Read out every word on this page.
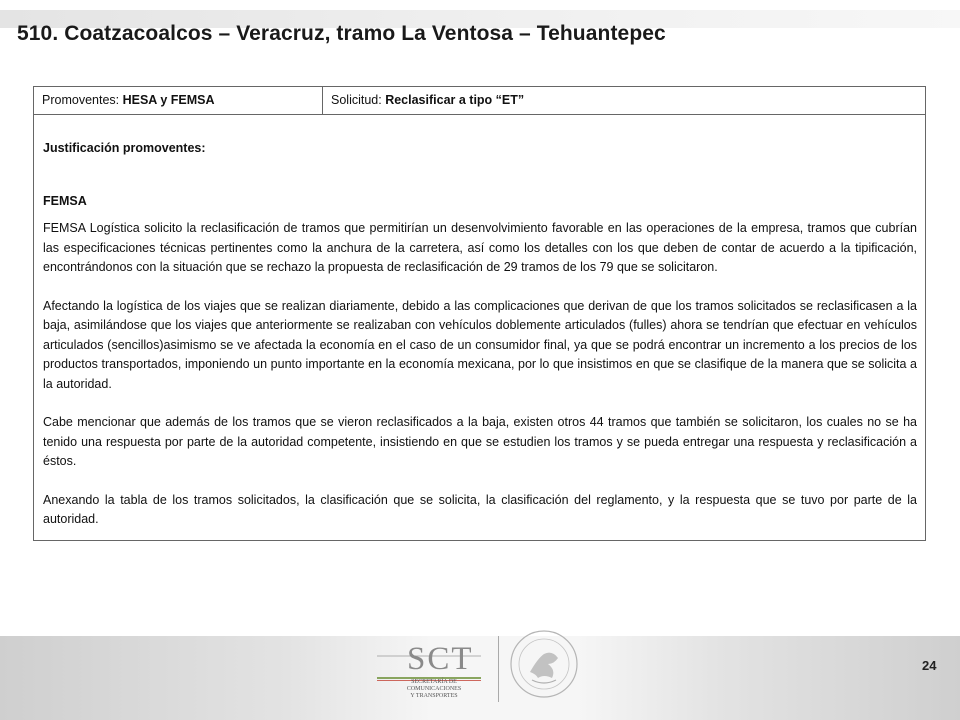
510. Coatzacoalcos – Veracruz, tramo La Ventosa – Tehuantepec
Promoventes: HESA y FEMSA	Solicitud: Reclasificar a tipo “ET”
Justificación promoventes:
FEMSA

FEMSA Logística solicito la reclasificación de tramos que permitirían un desenvolvimiento favorable en las operaciones de la empresa, tramos que cubrían las especificaciones técnicas pertinentes como la anchura de la carretera, así como los detalles con los que deben de contar de acuerdo a la tipificación, encontrándonos con la situación que se rechazo la propuesta de reclasificación de 29 tramos de los 79 que se solicitaron.

Afectando la logística de los viajes que se realizan diariamente, debido a las complicaciones que derivan de que los tramos solicitados se reclasificasen a la baja, asimilándose que los viajes que anteriormente se realizaban con vehículos doblemente articulados (fulles) ahora se tendrían que efectuar en vehículos articulados (sencillos)asimismo se ve afectada la economía en el caso de un consumidor final, ya que se podrá encontrar un incremento a los precios de los productos transportados, imponiendo un punto importante en la economía mexicana, por lo que insistimos en que se clasifique de la manera que se solicita a la autoridad.

Cabe mencionar que además de los tramos que se vieron reclasificados a la baja, existen otros 44 tramos que también se solicitaron, los cuales no se ha tenido una respuesta por parte de la autoridad competente, insistiendo en que se estudien los tramos y se pueda entregar una respuesta y reclasificación a éstos.

Anexando la tabla de los tramos solicitados, la clasificación que se solicita, la clasificación del reglamento, y la respuesta que se tuvo por parte de la autoridad.

SCT
SECRETARÍA DE
COMUNICACIONES
Y TRANSPORTES
24
